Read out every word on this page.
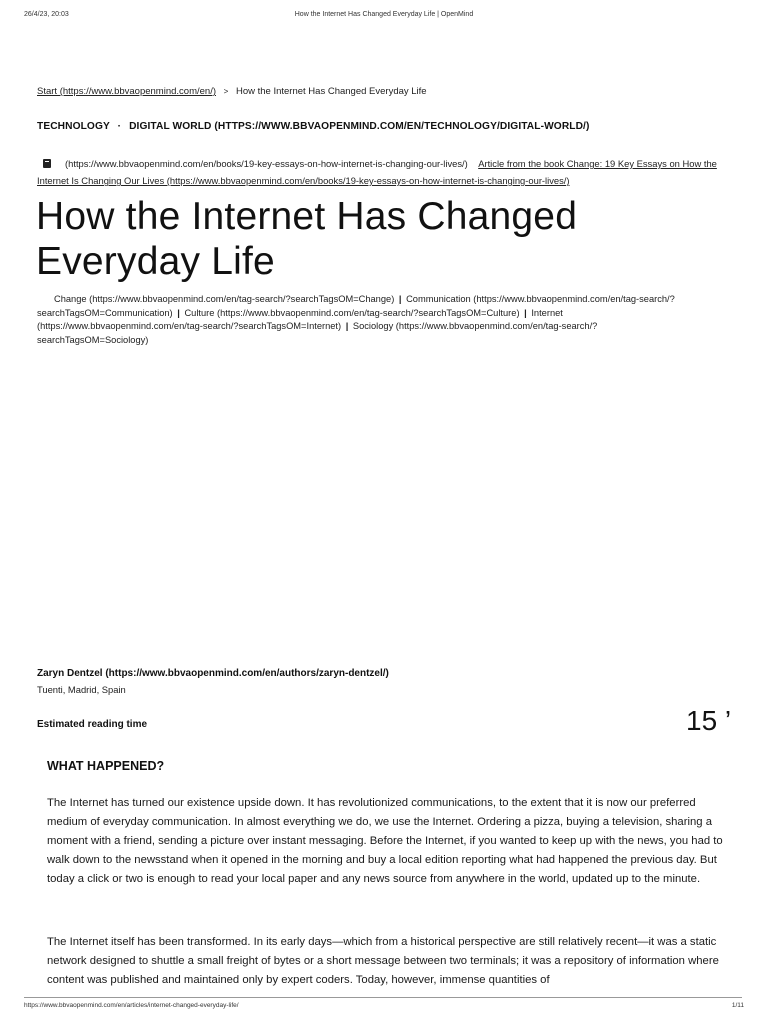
26/4/23, 20:03	How the Internet Has Changed Everyday Life | OpenMind
Start (https://www.bbvaopenmind.com/en/) > How the Internet Has Changed Everyday Life
TECHNOLOGY · DIGITAL WORLD (HTTPS://WWW.BBVAOPENMIND.COM/EN/TECHNOLOGY/DIGITAL-WORLD/)
(https://www.bbvaopenmind.com/en/books/19-key-essays-on-how-internet-is-changing-our-lives/) Article from the book Change: 19 Key Essays on How the Internet Is Changing Our Lives (https://www.bbvaopenmind.com/en/books/19-key-essays-on-how-internet-is-changing-our-lives/)
How the Internet Has Changed Everyday Life
Change (https://www.bbvaopenmind.com/en/tag-search/?searchTagsOM=Change) | Communication (https://www.bbvaopenmind.com/en/tag-search/?searchTagsOM=Communication) | Culture (https://www.bbvaopenmind.com/en/tag-search/?searchTagsOM=Culture) | Internet (https://www.bbvaopenmind.com/en/tag-search/?searchTagsOM=Internet) | Sociology (https://www.bbvaopenmind.com/en/tag-search/?searchTagsOM=Sociology)
Zaryn Dentzel (https://www.bbvaopenmind.com/en/authors/zaryn-dentzel/)
Tuenti, Madrid, Spain
Estimated reading time	15 ’
WHAT HAPPENED?

The Internet has turned our existence upside down. It has revolutionized communications, to the extent that it is now our preferred medium of everyday communication. In almost everything we do, we use the Internet. Ordering a pizza, buying a television, sharing a moment with a friend, sending a picture over instant messaging. Before the Internet, if you wanted to keep up with the news, you had to walk down to the newsstand when it opened in the morning and buy a local edition reporting what had happened the previous day. But today a click or two is enough to read your local paper and any news source from anywhere in the world, updated up to the minute.

The Internet itself has been transformed. In its early days—which from a historical perspective are still relatively recent—it was a static network designed to shuttle a small freight of bytes or a short message between two terminals; it was a repository of information where content was published and maintained only by expert coders. Today, however, immense quantities of

https://www.bbvaopenmind.com/en/articles/internet-changed-everyday-life/	1/11
